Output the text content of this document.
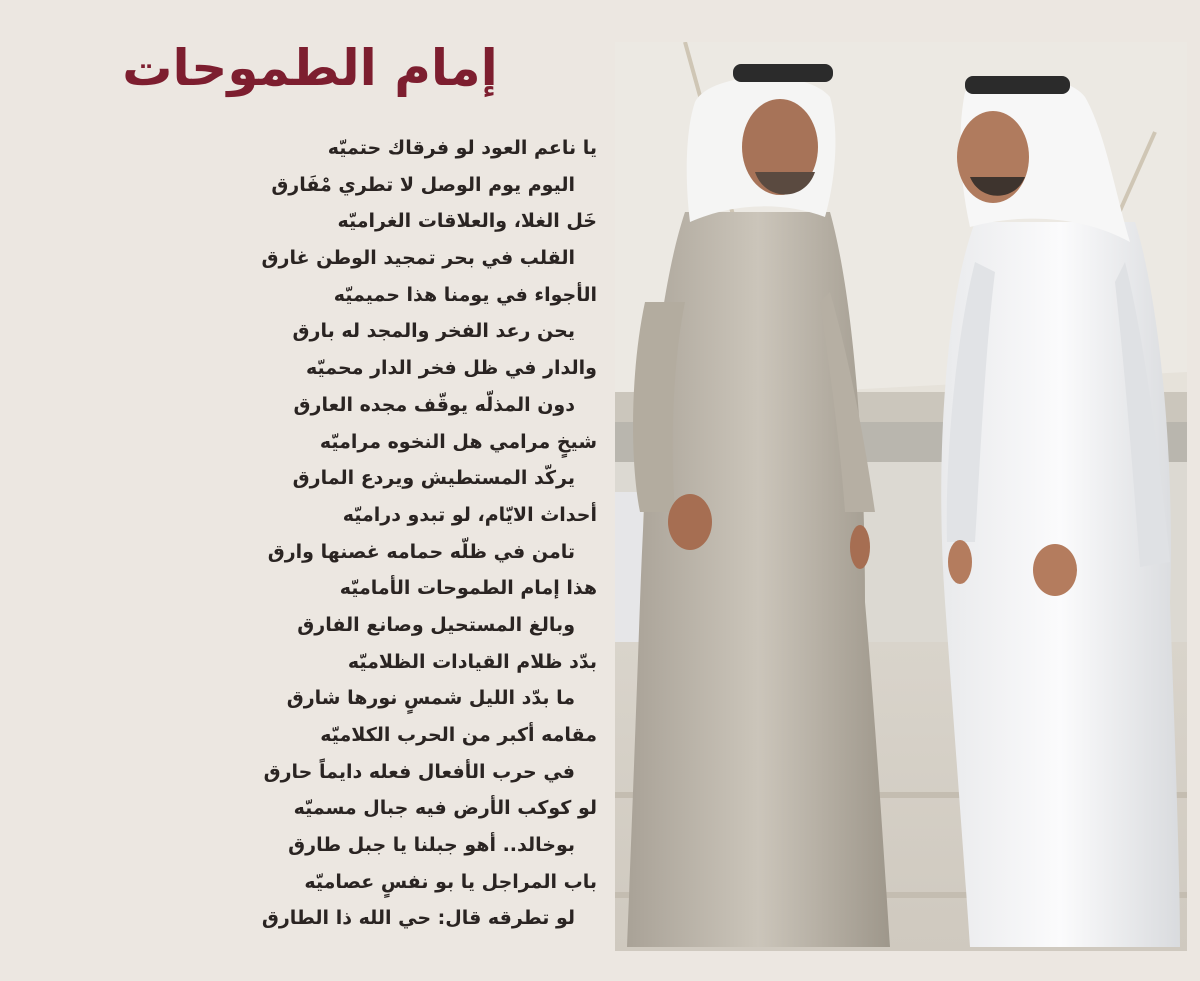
إمام الطموحات
يا ناعم العود لو فرقاك حتميّه
اليوم يوم الوصل لا تطري مْفَارق
خَل الغلا، والعلاقات الغراميّه
القلب في بحر تمجيد الوطن غارق
الأجواء في يومنا هذا حميميّه
يحن رعد الفخر والمجد له بارق
والدار في ظل فخر الدار محميّه
دون المذلّه يوقّف مجده العارق
شيخٍ مرامي هل النخوه مراميّه
يركّد المستطيش ويردع المارق
أحداث الايّام، لو تبدو دراميّه
تامن في ظلّه حمامه غصنها وارق
هذا إمام الطموحات الأماميّه
وبالغ المستحيل وصانع الفارق
بدّد ظلام القيادات الظلاميّه
ما بدّد الليل شمسٍ نورها شارق
مقامه أكبر من الحرب الكلاميّه
في حرب الأفعال فعله دايماً حارق
لو كوكب الأرض فيه جبال مسميّه
بوخالد.. أهو جبلنا يا جبل طارق
باب المراجل يا بو نفسٍ عصاميّه
لو تطرقه قال: حي الله ذا الطارق
